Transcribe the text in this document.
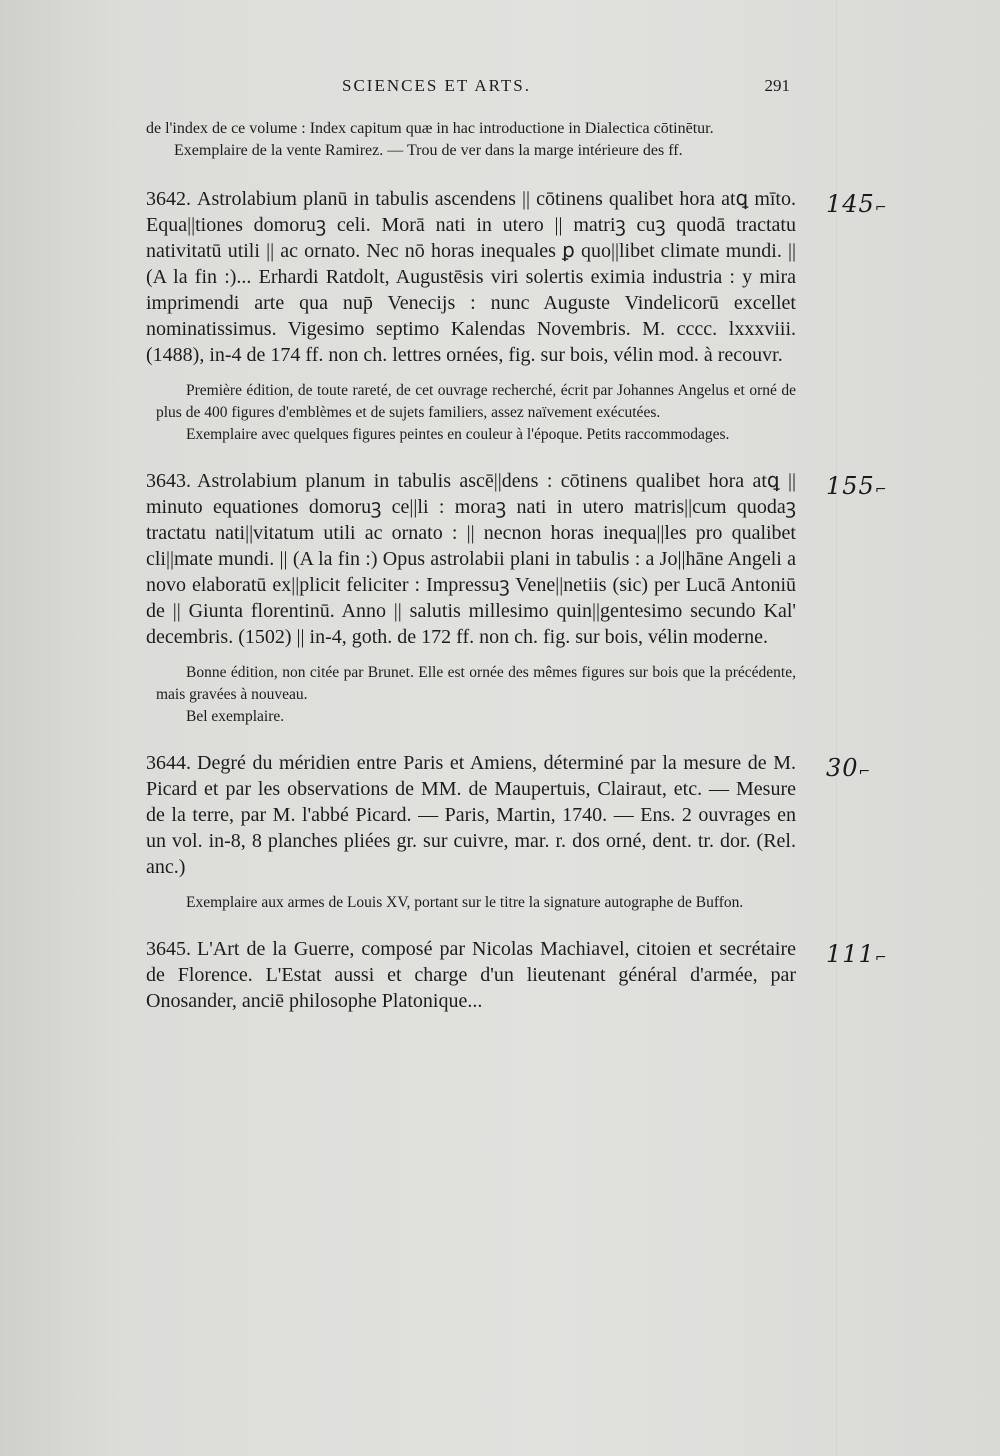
SCIENCES ET ARTS.	291

de l'index de ce volume : Index capitum quæ in hac introductione in Dialectica cōtinētur.

Exemplaire de la vente Ramirez. — Trou de ver dans la marge intérieure des ff.

3642. Astrolabium planū in tabulis ascendens || cōtinens qualibet hora atꝗ mīto. Equa||tiones domoruꝫ celi. Morā nati in utero || matriꝫ cuꝫ quodā tractatu nativitatū utili || ac ornato. Nec nō horas inequales ꝑ quo||libet climate mundi. || (A la fin :)... Erhardi Ratdolt, Augustēsis viri solertis eximia industria : y mira imprimendi arte qua nup̄ Venecijs : nunc Auguste Vindelicorū excellet nominatissimus. Vigesimo septimo Kalendas Novembris. M. cccc. lxxxviii. (1488), in-4 de 174 ff. non ch. lettres ornées, fig. sur bois, vélin mod. à recouvr.

Première édition, de toute rareté, de cet ouvrage recherché, écrit par Johannes Angelus et orné de plus de 400 figures d'emblèmes et de sujets familiers, assez naïvement exécutées.

Exemplaire avec quelques figures peintes en couleur à l'époque. Petits raccommodages.

145⌐

3643. Astrolabium planum in tabulis ascē||dens : cōtinens qualibet hora atꝗ || minuto equationes domoruꝫ ce||li : moraꝫ nati in utero matris||cum quodaꝫ tractatu nati||vitatum utili ac ornato : || necnon horas inequa||les pro qualibet cli||mate mundi. || (A la fin :) Opus astrolabii plani in tabulis : a Jo||hāne Angeli a novo elaboratū ex||plicit feliciter : Impressuꝫ Vene||netiis (sic) per Lucā Antoniū de || Giunta florentinū. Anno || salutis millesimo quin||gentesimo secundo Kal' decembris. (1502) || in-4, goth. de 172 ff. non ch. fig. sur bois, vélin moderne.

Bonne édition, non citée par Brunet. Elle est ornée des mêmes figures sur bois que la précédente, mais gravées à nouveau.

Bel exemplaire.

155⌐

3644. Degré du méridien entre Paris et Amiens, déterminé par la mesure de M. Picard et par les observations de MM. de Maupertuis, Clairaut, etc. — Mesure de la terre, par M. l'abbé Picard. — Paris, Martin, 1740. — Ens. 2 ouvrages en un vol. in-8, 8 planches pliées gr. sur cuivre, mar. r. dos orné, dent. tr. dor. (Rel. anc.)

Exemplaire aux armes de Louis XV, portant sur le titre la signature autographe de Buffon.

30⌐

3645. L'Art de la Guerre, composé par Nicolas Machiavel, citoien et secrétaire de Florence. L'Estat aussi et charge d'un lieutenant général d'armée, par Onosander, anciē philosophe Platonique...

111⌐
